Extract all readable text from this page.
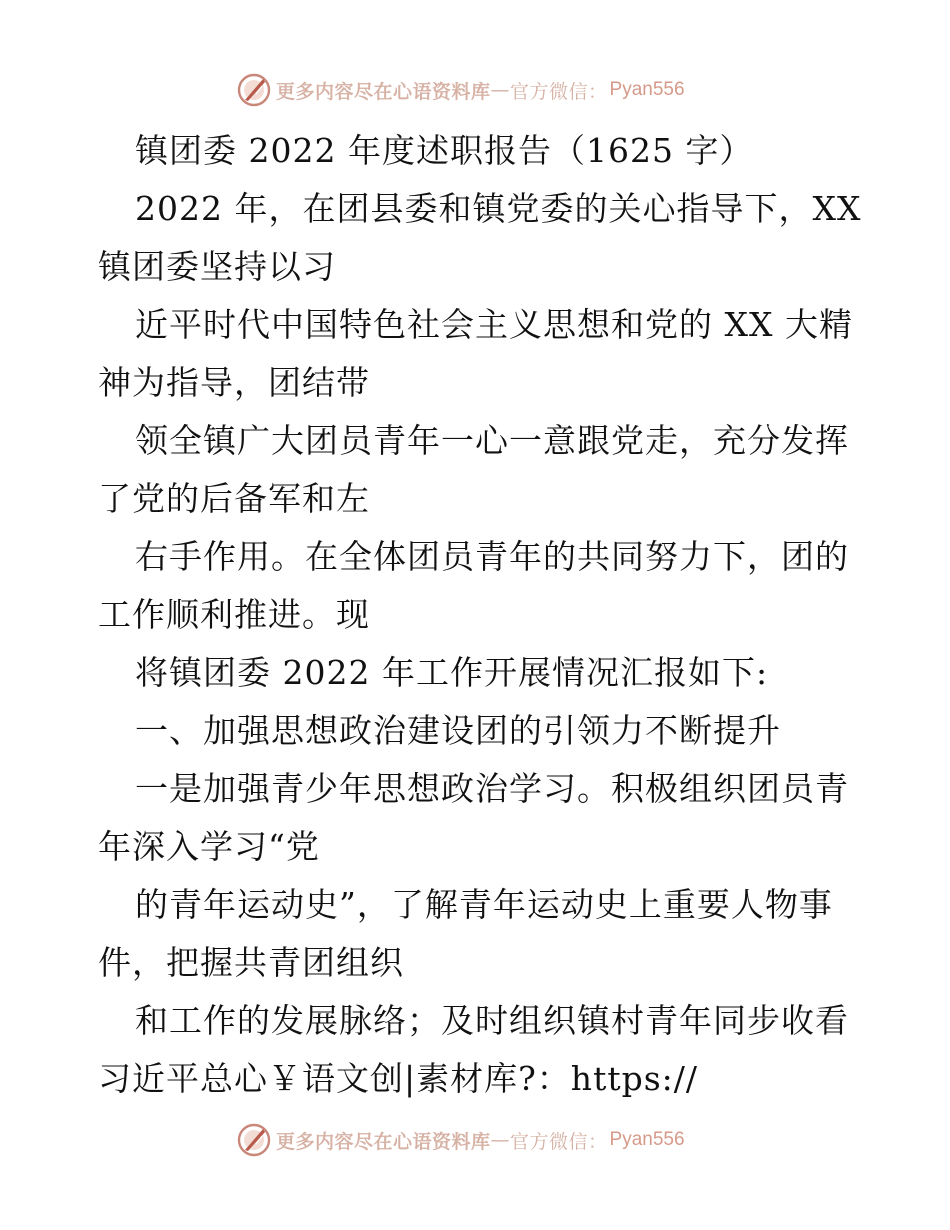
更多内容尽在心语资料库 — 官方微信： Pyan556
镇团委 2022 年度述职报告（1625 字）
2022 年，在团县委和镇党委的关心指导下，XX
镇团委坚持以习
近平时代中国特色社会主义思想和党的 XX 大精
神为指导，团结带
领全镇广大团员青年一心一意跟党走，充分发挥
了党的后备军和左
右手作用。在全体团员青年的共同努力下，团的
工作顺利推进。现
将镇团委 2022 年工作开展情况汇报如下:
一、加强思想政治建设团的引领力不断提升
一是加强青少年思想政治学习。积极组织团员青
年深入学习“党
的青年运动史”，了解青年运动史上重要人物事
件，把握共青团组织
和工作的发展脉络；及时组织镇村青年同步收看
习近平总心￥语文创|素材库?：https://
更多内容尽在心语资料库 — 官方微信： Pyan556
